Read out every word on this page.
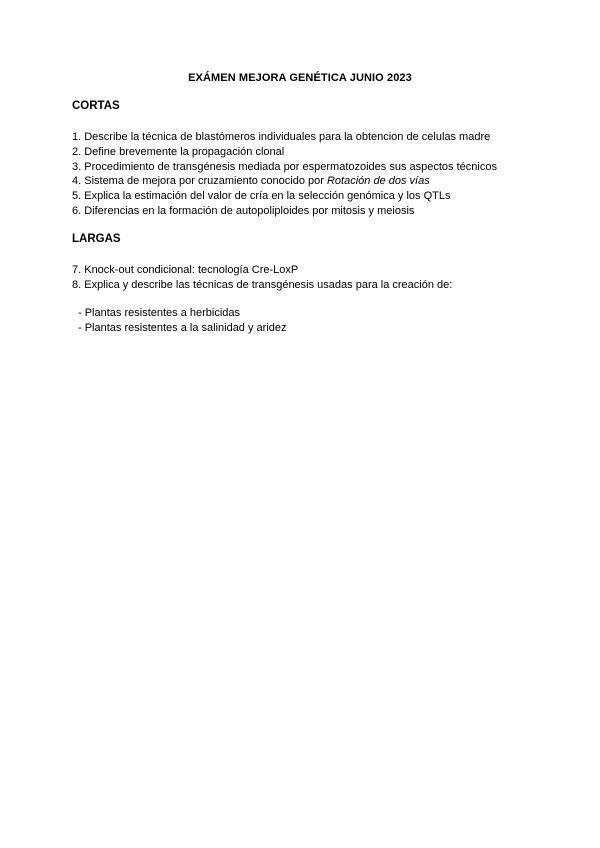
EXÁMEN MEJORA GENÉTICA JUNIO 2023
CORTAS
1. Describe la técnica de blastómeros individuales para la obtencion de celulas madre
2. Define brevemente la propagación clonal
3. Procedimiento de transgénesis mediada por espermatozoides sus aspectos técnicos
4. Sistema de mejora por cruzamiento conocido por Rotación de dos vías
5. Explica la estimación del valor de cría en la selección genómica y los QTLs
6. Diferencias en la formación de autopoliploides por mitosis y meiosis
LARGAS
7. Knock-out condicional: tecnología Cre-LoxP
8. Explica y describe las técnicas de transgénesis usadas para la creación de:
- Plantas resistentes a herbicidas
- Plantas resistentes a la salinidad y aridez
